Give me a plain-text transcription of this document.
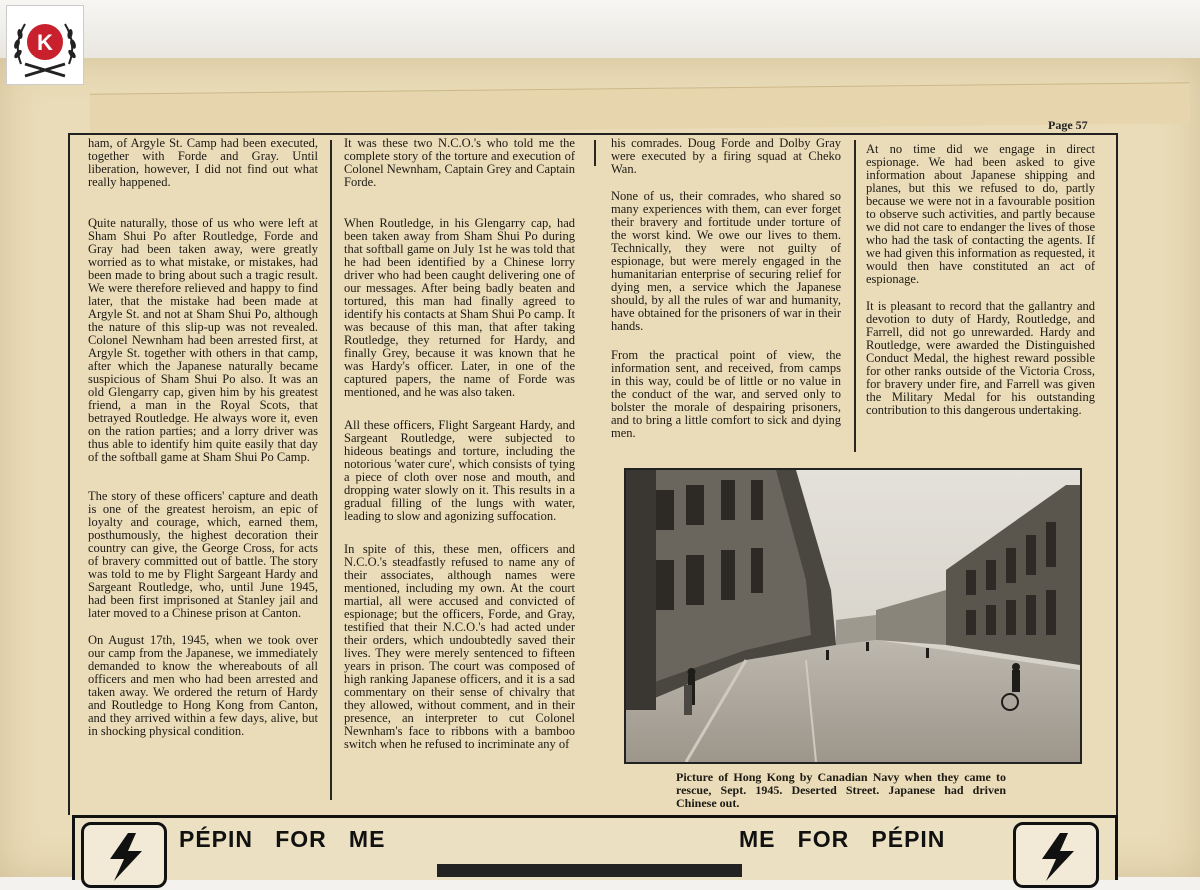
K
Page 57

ham, of Argyle St. Camp had been executed, together with Forde and Gray. Until liberation, however, I did not find out what really happened.

Quite naturally, those of us who were left at Sham Shui Po after Routledge, Forde and Gray had been taken away, were greatly worried as to what mistake, or mistakes, had been made to bring about such a tragic result. We were therefore relieved and happy to find later, that the mistake had been made at Argyle St. and not at Sham Shui Po, although the nature of this slip-up was not revealed. Colonel Newnham had been arrested first, at Argyle St. together with others in that camp, after which the Japanese naturally became suspicious of Sham Shui Po also. It was an old Glengarry cap, given him by his greatest friend, a man in the Royal Scots, that betrayed Routledge. He always wore it, even on the ration parties; and a lorry driver was thus able to identify him quite easily that day of the softball game at Sham Shui Po Camp.

The story of these officers' capture and death is one of the greatest heroism, an epic of loyalty and courage, which, earned them, posthumously, the highest decoration their country can give, the George Cross, for acts of bravery committed out of battle. The story was told to me by Flight Sargeant Hardy and Sargeant Routledge, who, until June 1945, had been first imprisoned at Stanley jail and later moved to a Chinese prison at Canton.

On August 17th, 1945, when we took over our camp from the Japanese, we immediately demanded to know the whereabouts of all officers and men who had been arrested and taken away. We ordered the return of Hardy and Routledge to Hong Kong from Canton, and they arrived within a few days, alive, but in shocking physical condition.

It was these two N.C.O.'s who told me the complete story of the torture and execution of Colonel Newnham, Captain Grey and Captain Forde.

When Routledge, in his Glengarry cap, had been taken away from Sham Shui Po during that softball game on July 1st he was told that he had been identified by a Chinese lorry driver who had been caught delivering one of our messages. After being badly beaten and tortured, this man had finally agreed to identify his contacts at Sham Shui Po camp. It was because of this man, that after taking Routledge, they returned for Hardy, and finally Grey, because it was known that he was Hardy's officer. Later, in one of the captured papers, the name of Forde was mentioned, and he was also taken.

All these officers, Flight Sargeant Hardy, and Sargeant Routledge, were subjected to hideous beatings and torture, including the notorious 'water cure', which consists of tying a piece of cloth over nose and mouth, and dropping water slowly on it. This results in a gradual filling of the lungs with water, leading to slow and agonizing suffocation.

In spite of this, these men, officers and N.C.O.'s steadfastly refused to name any of their associates, although names were mentioned, including my own. At the court martial, all were accused and convicted of espionage; but the officers, Forde, and Gray, testified that their N.C.O.'s had acted under their orders, which undoubtedly saved their lives. They were merely sentenced to fifteen years in prison. The court was composed of high ranking Japanese officers, and it is a sad commentary on their sense of chivalry that they allowed, without comment, and in their presence, an interpreter to cut Colonel Newnham's face to ribbons with a bamboo switch when he refused to incriminate any of

his comrades. Doug Forde and Dolby Gray were executed by a firing squad at Cheko Wan.

None of us, their comrades, who shared so many experiences with them, can ever forget their bravery and fortitude under torture of the worst kind. We owe our lives to them. Technically, they were not guilty of espionage, but were merely engaged in the humanitarian enterprise of securing relief for dying men, a service which the Japanese should, by all the rules of war and humanity, have obtained for the prisoners of war in their hands.

From the practical point of view, the information sent, and received, from camps in this way, could be of little or no value in the conduct of the war, and served only to bolster the morale of despairing prisoners, and to bring a little comfort to sick and dying men.

At no time did we engage in direct espionage. We had been asked to give information about Japanese shipping and planes, but this we refused to do, partly because we were not in a favourable position to observe such activities, and partly because we did not care to endanger the lives of those who had the task of contacting the agents. If we had given this information as requested, it would then have constituted an act of espionage.

It is pleasant to record that the gallantry and devotion to duty of Hardy, Routledge, and Farrell, did not go unrewarded. Hardy and Routledge, were awarded the Distinguished Conduct Medal, the highest reward possible for other ranks outside of the Victoria Cross, for bravery under fire, and Farrell was given the Military Medal for his outstanding contribution to this dangerous undertaking.

Picture of Hong Kong by Canadian Navy when they came to rescue, Sept. 1945. Deserted Street. Japanese had driven Chinese out.
PÉPIN   FOR   ME	ME   FOR   PÉPIN
